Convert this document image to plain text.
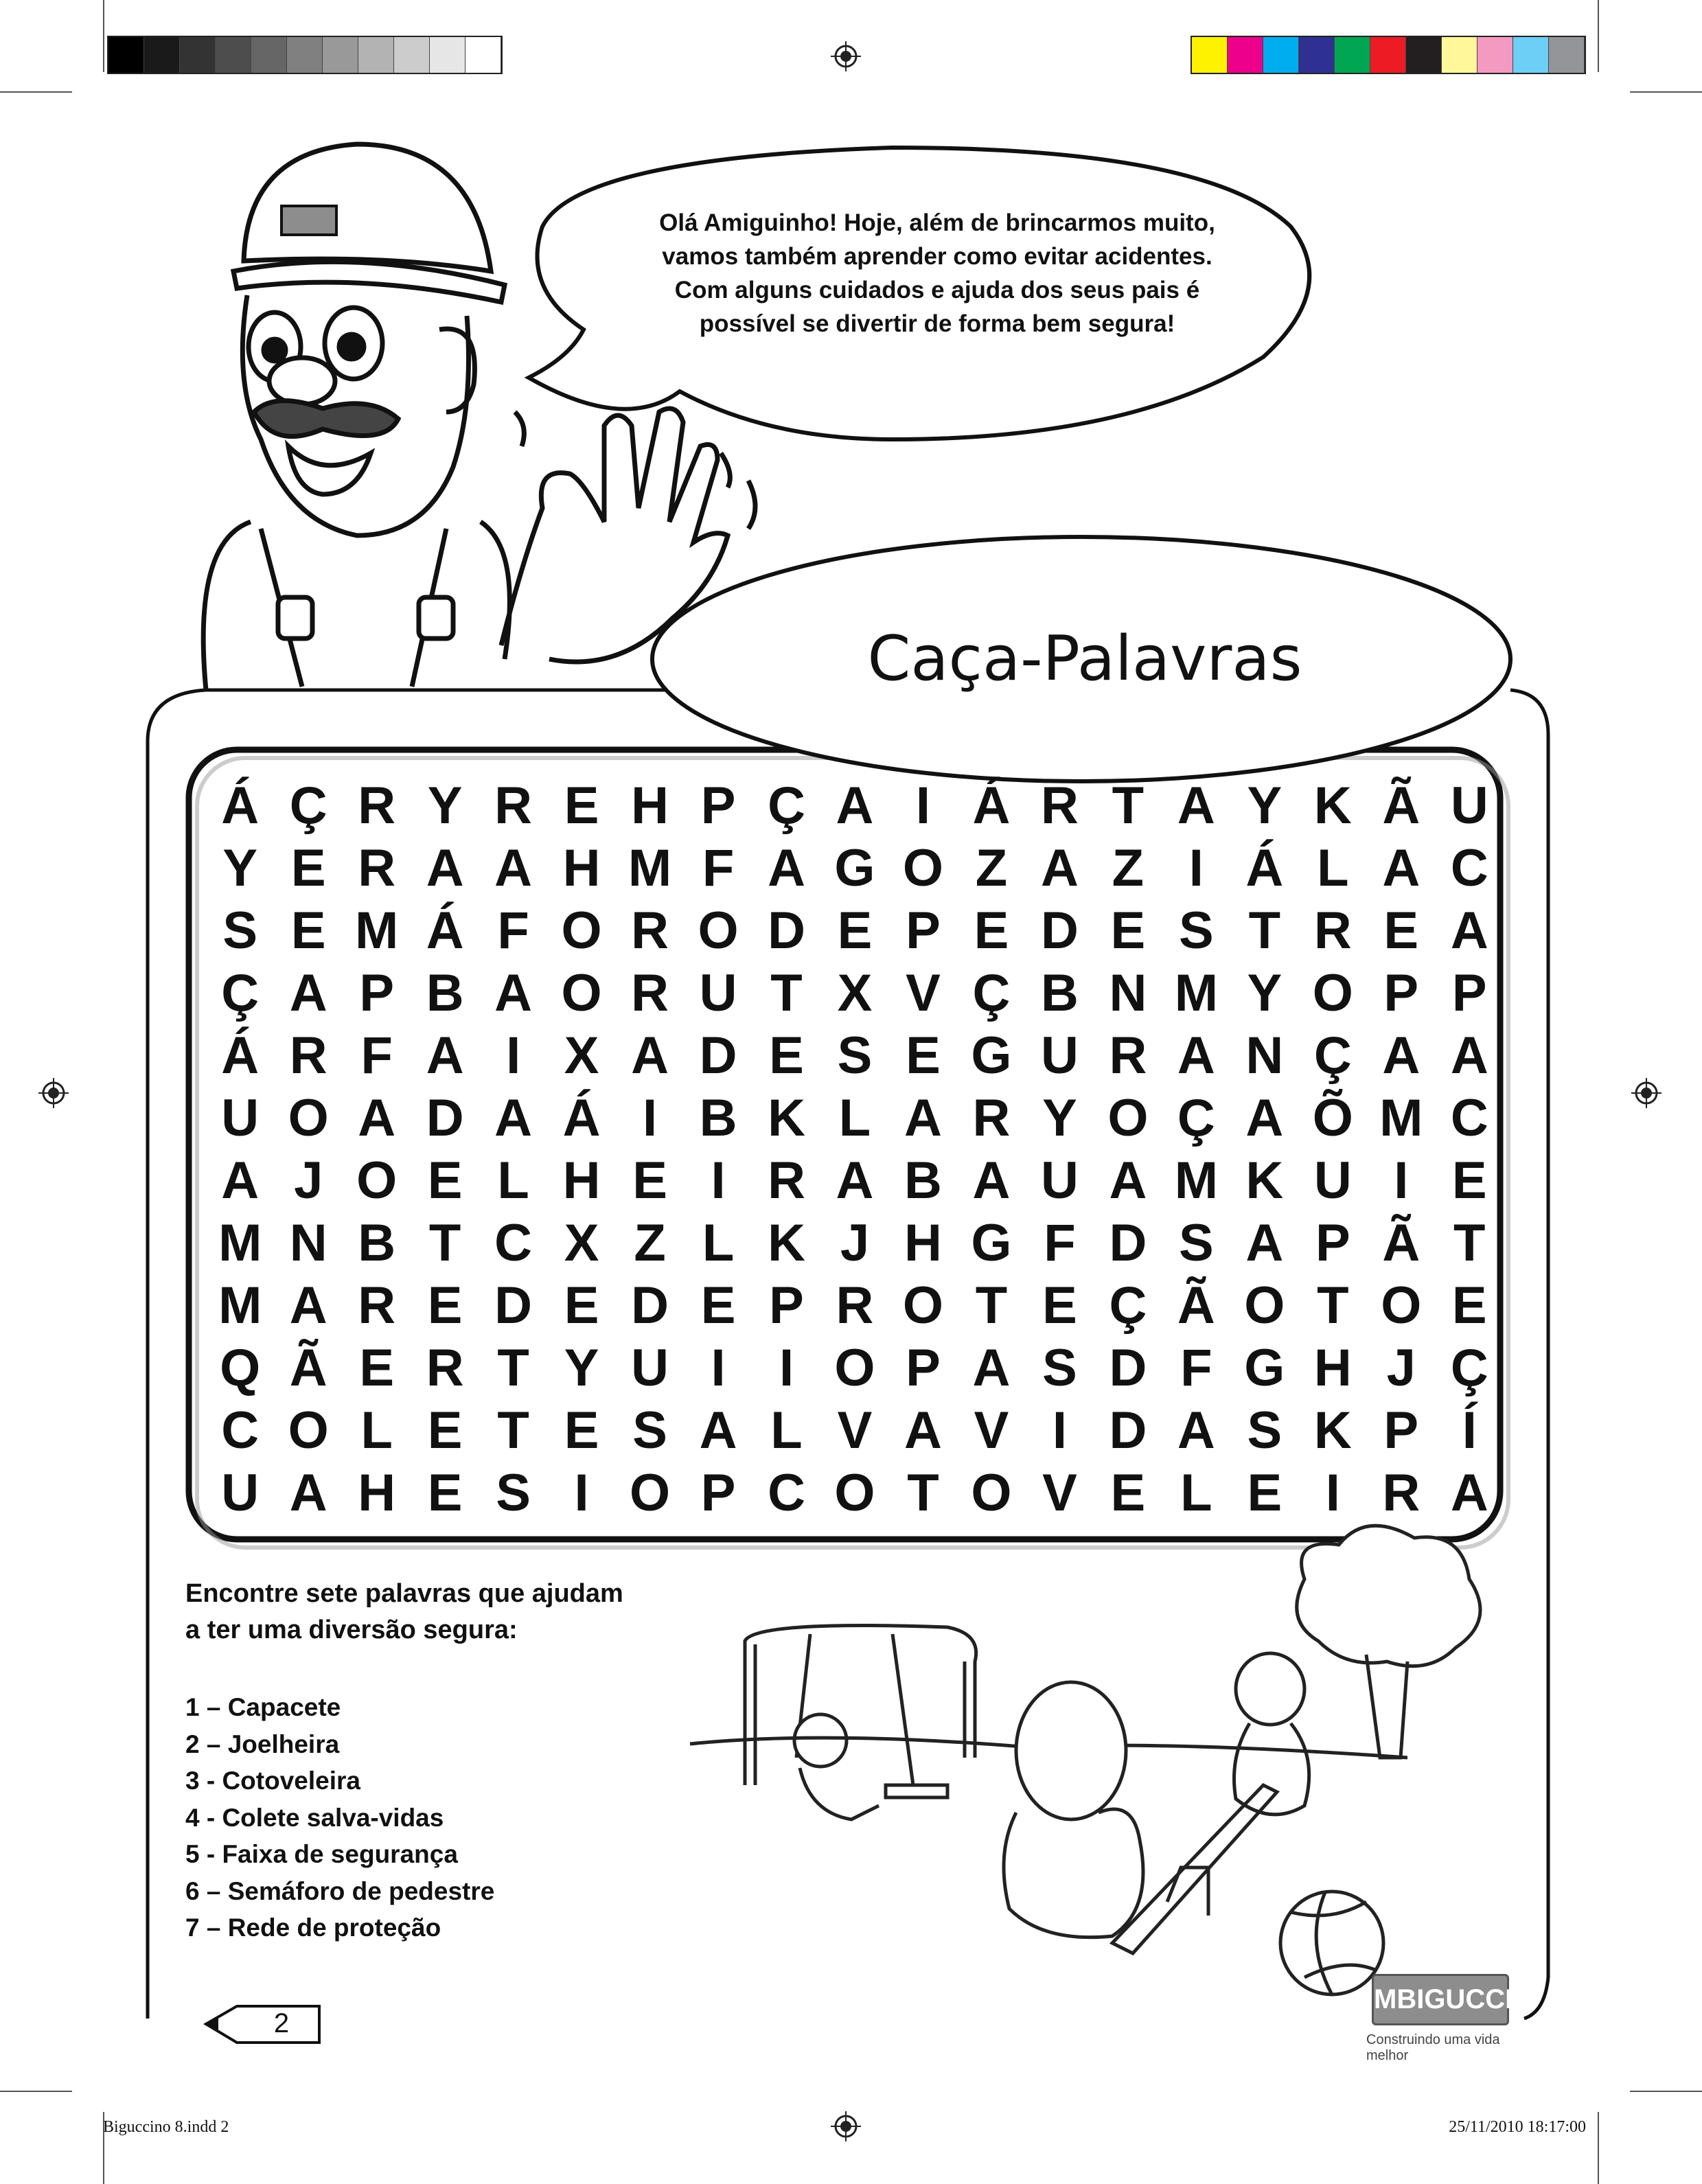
Olá Amiguinho! Hoje, além de brincarmos muito,
vamos também aprender como evitar acidentes.
Com alguns cuidados e ajuda dos seus pais é
possível se divertir de forma bem segura!
Caça-Palavras
Á Ç R Y R E H P Ç A I Á R T A Y K Ã U
Y E R A A H M F A G O Z A Z I Á L A C
S E M Á F O R O D E P E D E S T R E A
Ç A P B A O R U T X V Ç B N M Y O P P
Á R F A I X A D E S E G U R A N Ç A A
U O A D A Á I B K L A R Y O Ç A Õ M C
A J O E L H E I R A B A U A M K U I E
M N B T C X Z L K J H G F D S A P Ã T
M A R E D E D E P R O T E Ç Ã O T O E
Q Ã E R T Y U I	I O P A S D F G H J Ç
C O L E T E S A L V A V I D A S K P Í
U A H E S I O P C O T O V E L E I R A
Encontre sete palavras que ajudam
a ter uma diversão segura:
1 – Capacete
2 – Joelheira
3 - Cotoveleira
4 - Colete salva-vidas
5 - Faixa de segurança
6 – Semáforo de pedestre
7 – Rede de proteção
2
MBIGUCCI
Construindo uma vida melhor
Biguccino 8.indd 2	25/11/2010 18:17:00
